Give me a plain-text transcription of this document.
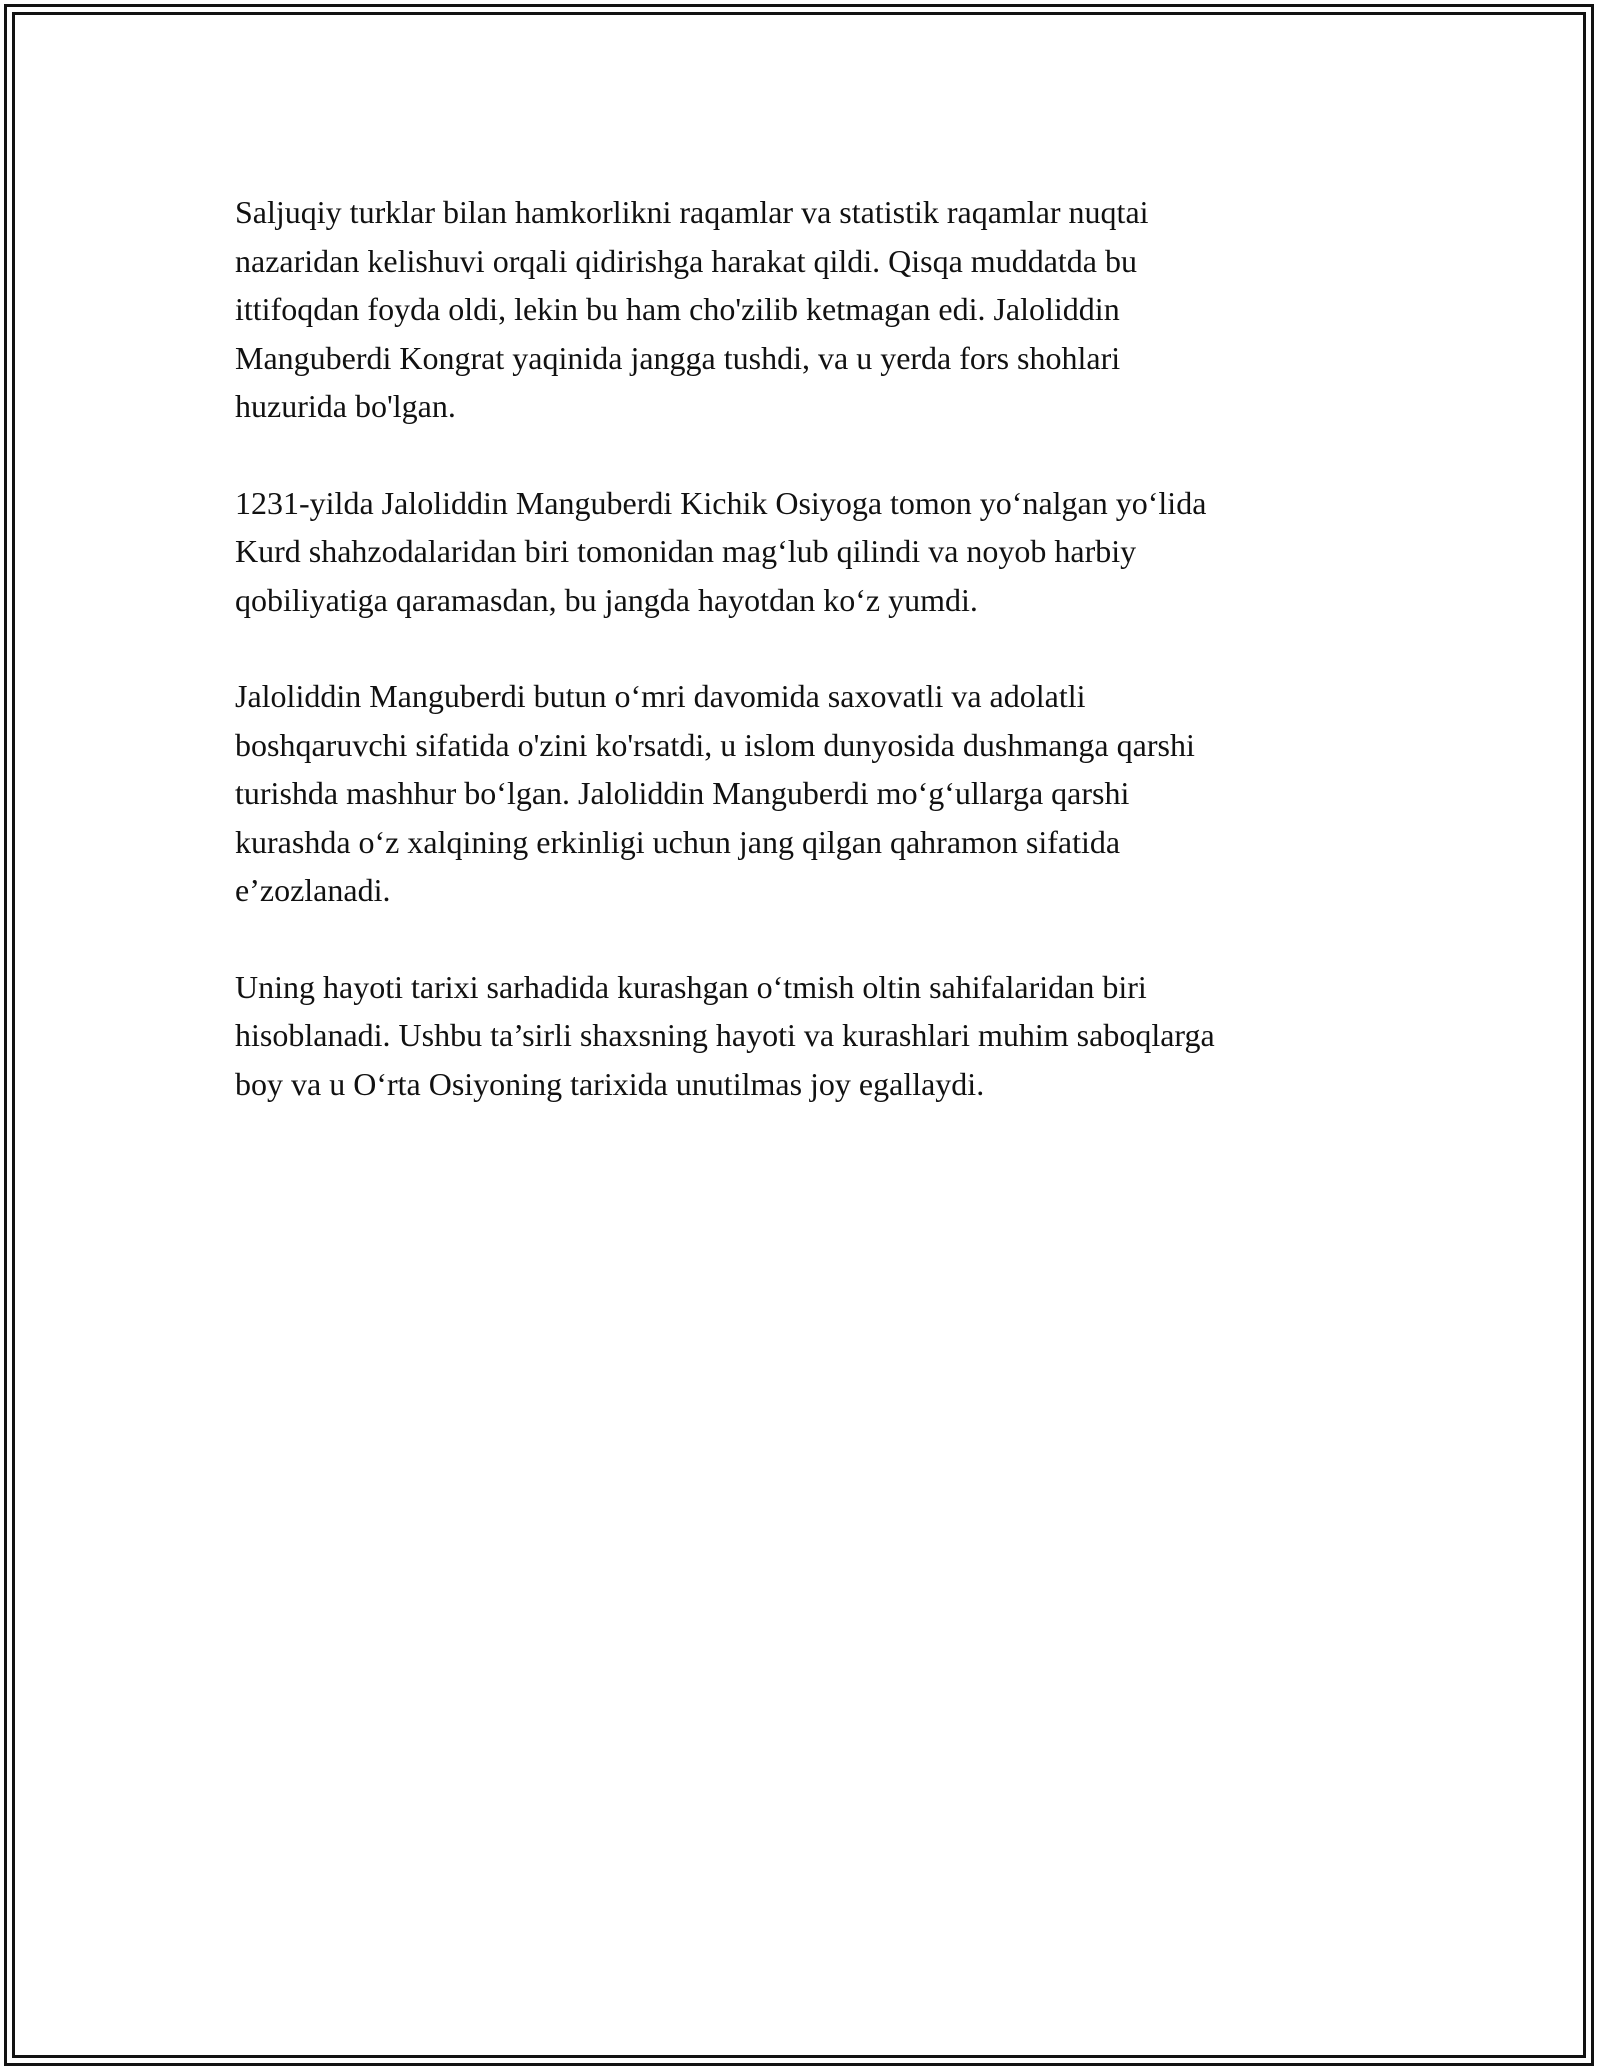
Saljuqiy turklar bilan hamkorlikni raqamlar va statistik raqamlar nuqtai
nazaridan kelishuvi orqali qidirishga harakat qildi. Qisqa muddatda bu
ittifoqdan foyda oldi, lekin bu ham cho'zilib ketmagan edi. Jaloliddin
Manguberdi Kongrat yaqinida jangga tushdi, va u yerda fors shohlari
huzurida bo'lgan.

1231-yilda Jaloliddin Manguberdi Kichik Osiyoga tomon yo‘nalgan yo‘lida
Kurd shahzodalaridan biri tomonidan mag‘lub qilindi va noyob harbiy
qobiliyatiga qaramasdan, bu jangda hayotdan ko‘z yumdi.

Jaloliddin Manguberdi butun o‘mri davomida saxovatli va adolatli
boshqaruvchi sifatida o'zini ko'rsatdi, u islom dunyosida dushmanga qarshi
turishda mashhur bo‘lgan. Jaloliddin Manguberdi mo‘g‘ullarga qarshi
kurashda o‘z xalqining erkinligi uchun jang qilgan qahramon sifatida
e’zozlanadi.

Uning hayoti tarixi sarhadida kurashgan o‘tmish oltin sahifalaridan biri
hisoblanadi. Ushbu ta’sirli shaxsning hayoti va kurashlari muhim saboqlarga
boy va u O‘rta Osiyoning tarixida unutilmas joy egallaydi.
